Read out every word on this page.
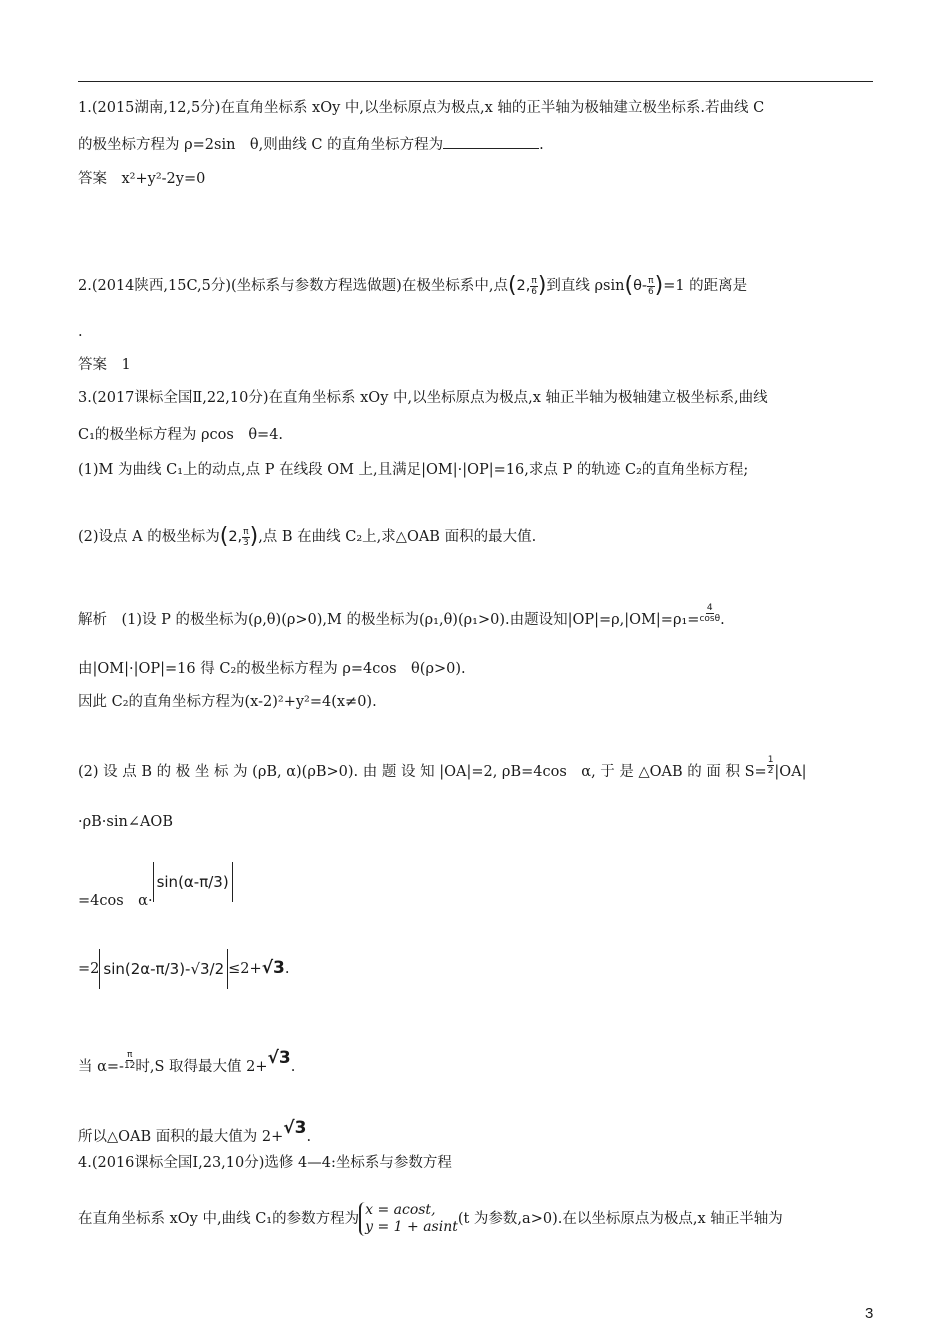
1.(2015湖南,12,5分)在直角坐标系 xOy 中,以坐标原点为极点,x 轴的正半轴为极轴建立极坐标系.若曲线 C
的极坐标方程为 ρ=2sin　θ,则曲线 C 的直角坐标方程为	.
答案　 x²+y²-2y=0
2.(2014陕西,15C,5分)(坐标系与参数方程选做题)在极坐标系中,点(2, $\frac{\pi}{6}$ )到直线 $\rho\sin(\theta- \frac{\pi}{6} )=1$ 的距离是
.
答案　 1
3.(2017课标全国Ⅱ,22,10分)在直角坐标系 xOy 中,以坐标原点为极点,x 轴正半轴为极轴建立极坐标系,曲线
C₁的极坐标方程为 ρcos　θ=4.
(1)M 为曲线 C₁上的动点,点 P 在线段 OM 上,且满足|OM|·|OP|=16,求点 P 的轨迹 C₂的直角坐标方程;
(2)设点 A 的极坐标为(2, $\frac{\pi}{3}$ ),点 B 在曲线 C₂上,求△OAB 面积的最大值.
解析　(1)设 P 的极坐标为(ρ,θ)(ρ>0),M 的极坐标为(ρ₁,θ)(ρ₁>0).由题设知$|OP|=\rho,|OM|=\rho_1= \frac{4}{\cos\theta}$ .
由|OM|·|OP|=16 得 C₂的极坐标方程为 ρ=4cos　θ(ρ>0).
因此 C₂的直角坐标方程为(x-2)²+y²=4(x≠0).
(2) 设 点 B 的 极 坐 标 为 (ρB, α)(ρB>0). 由 题 设 知 |OA|=2, ρB=4cos　α, 于 是 △OAB 的 面 积 $S= \frac{1}{2} |OA|$
·ρB·sin∠AOB
=4cos　α·sin(α-π/3)
=2 sin(2α-π/3)-√3/2 ≤2+√3.
当 $\alpha=- \frac{\pi}{12}$ 时,S 取得最大值 2+√3.
所以△OAB 面积的最大值为 2+√3.
4.(2016课标全国Ⅰ,23,10分)选修 4—4:坐标系与参数方程
在直角坐标系 xOy 中,曲线 C₁的参数方程为
x = acost,
y = 1 + asint (t 为参数,a>0).在以坐标原点为极点,x 轴正半轴为
3
